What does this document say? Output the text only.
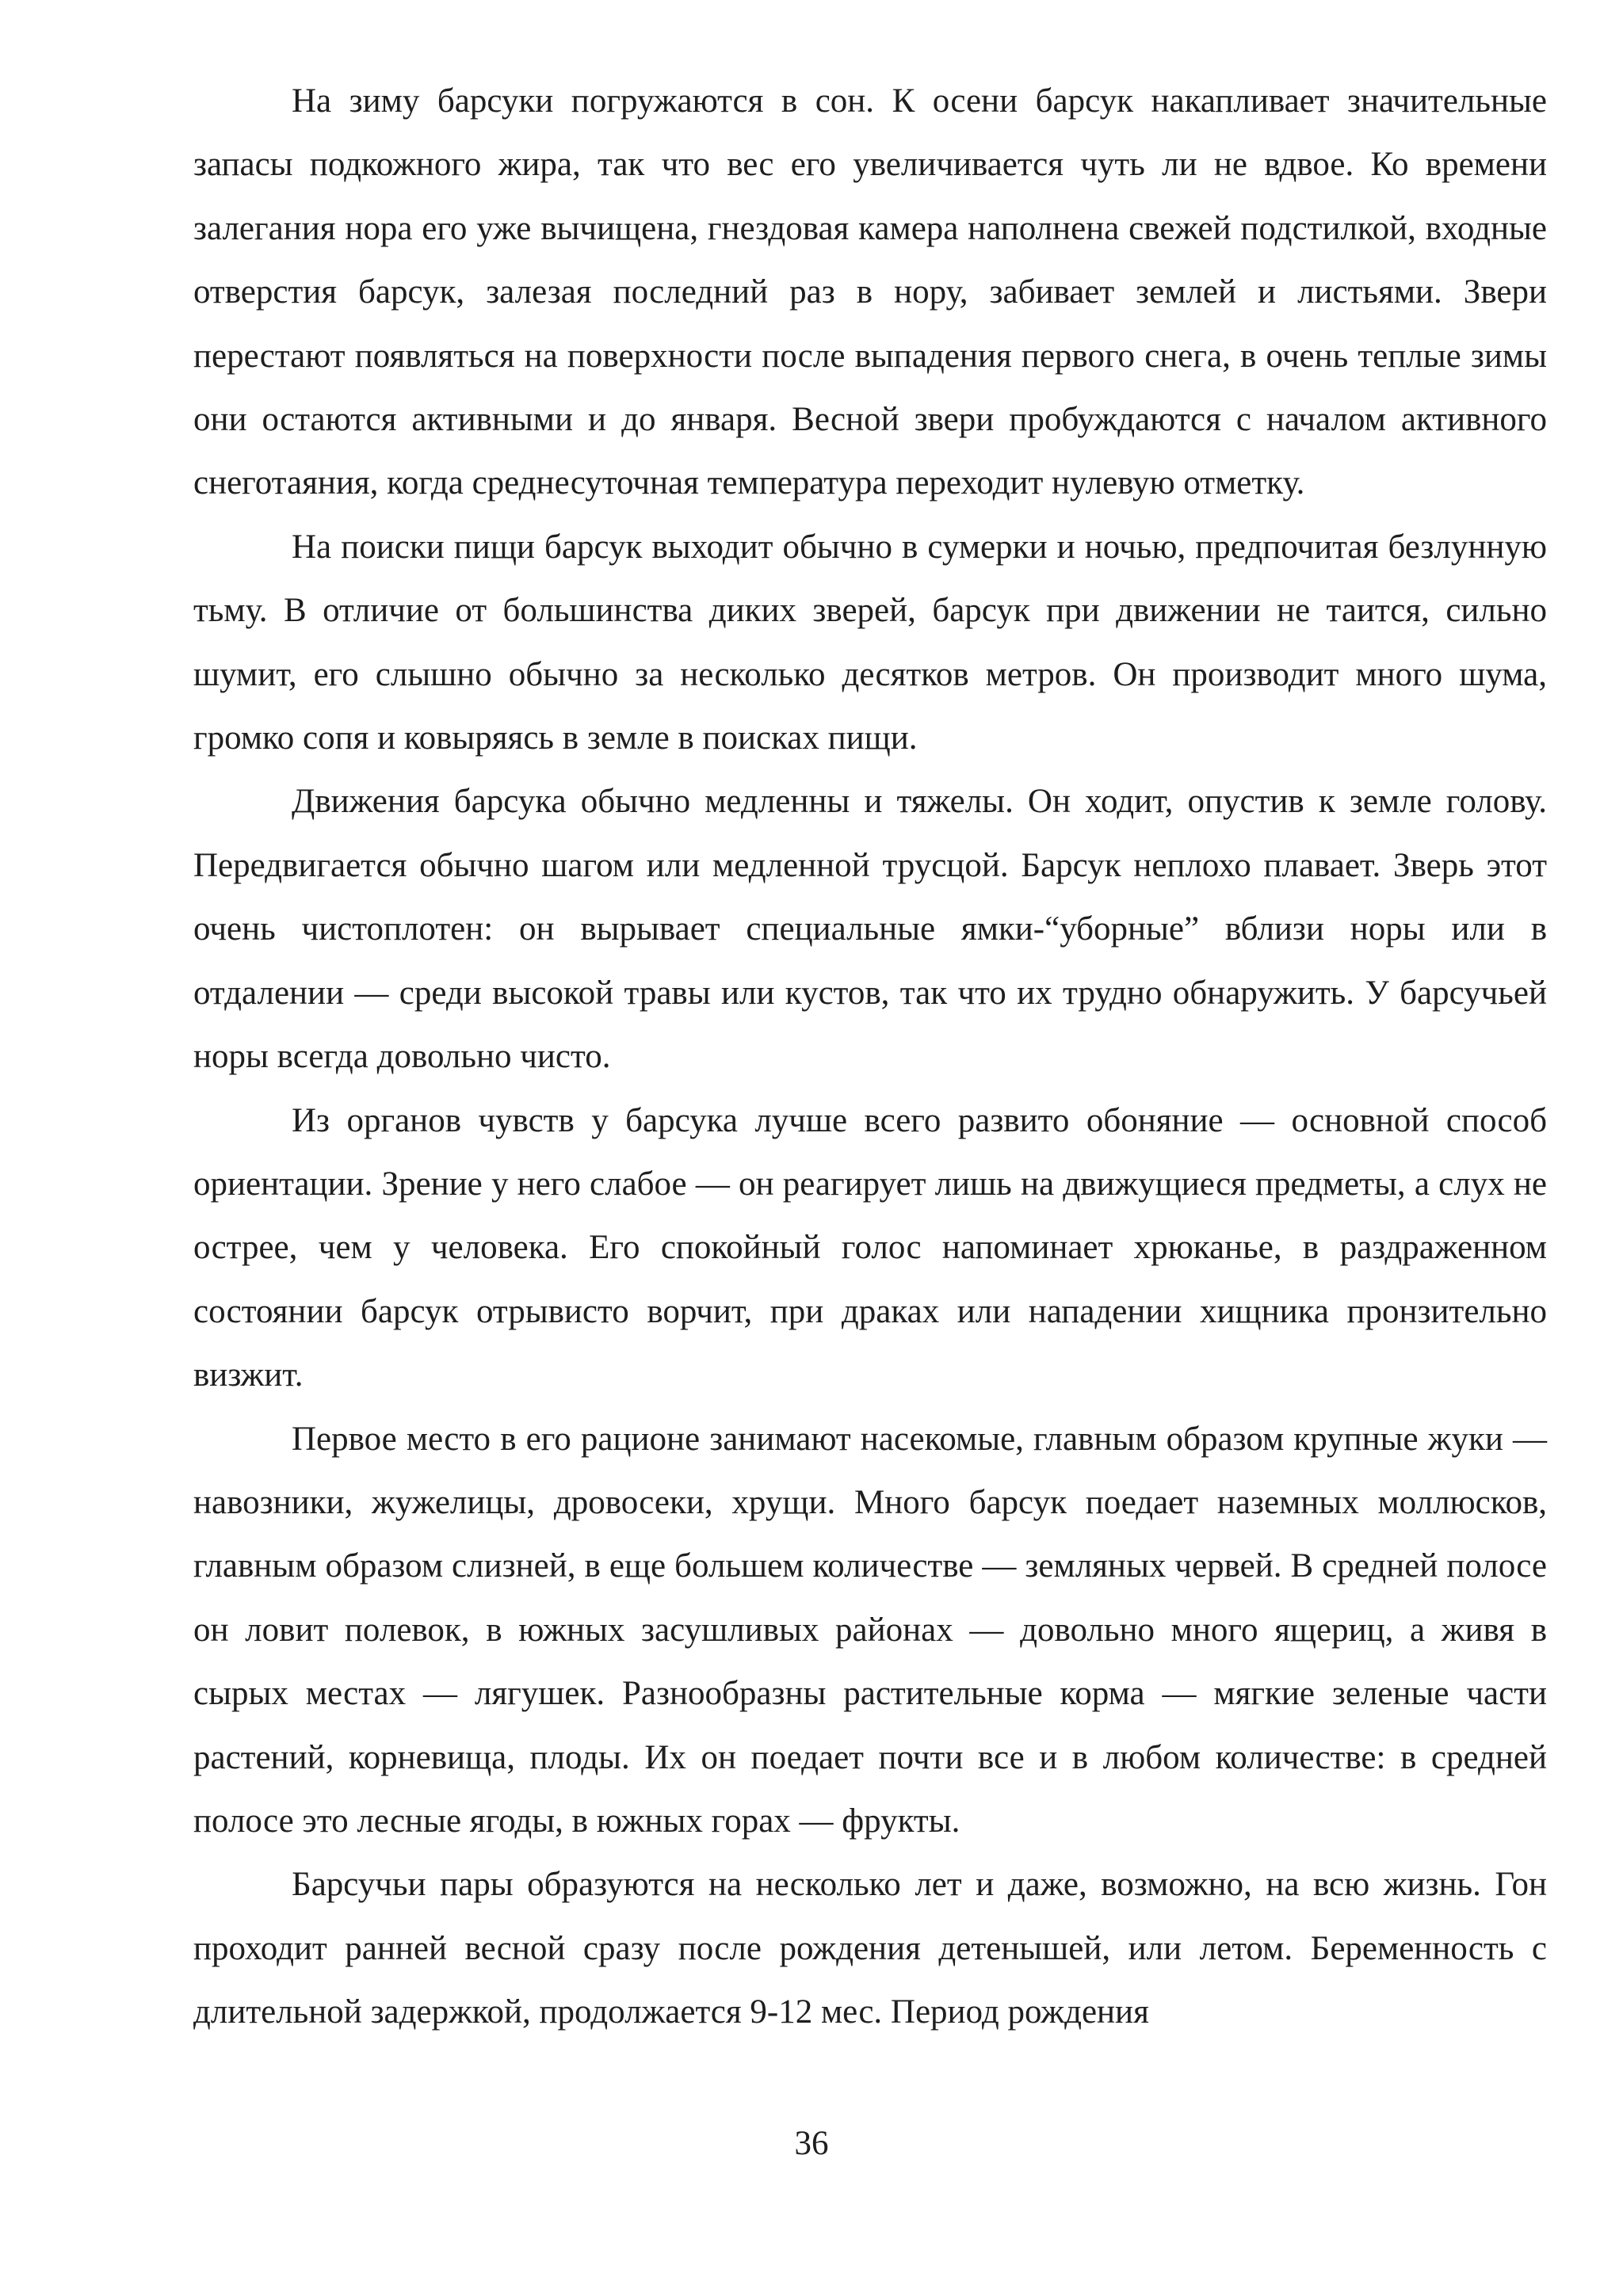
На зиму барсуки погружаются в сон. К осени барсук накапливает значительные запасы подкожного жира, так что вес его увеличивается чуть ли не вдвое. Ко времени залегания нора его уже вычищена, гнездовая камера наполнена свежей подстилкой, входные отверстия барсук, залезая последний раз в нору, забивает землей и листьями. Звери перестают появляться на поверхности после выпадения первого снега, в очень теплые зимы они остаются активными и до января. Весной звери пробуждаются с началом активного снеготаяния, когда среднесуточная температура переходит нулевую отметку.

На поиски пищи барсук выходит обычно в сумерки и ночью, предпочитая безлунную тьму. В отличие от большинства диких зверей, барсук при движении не таится, сильно шумит, его слышно обычно за несколько десятков метров. Он производит много шума, громко сопя и ковыряясь в земле в поисках пищи.

Движения барсука обычно медленны и тяжелы. Он ходит, опустив к земле голову. Передвигается обычно шагом или медленной трусцой. Барсук неплохо плавает. Зверь этот очень чистоплотен: он вырывает специальные ямки-“уборные” вблизи норы или в отдалении — среди высокой травы или кустов, так что их трудно обнаружить. У барсучьей норы всегда довольно чисто.

Из органов чувств у барсука лучше всего развито обоняние — основной способ ориентации. Зрение у него слабое — он реагирует лишь на движущиеся предметы, а слух не острее, чем у человека. Его спокойный голос напоминает хрюканье, в раздраженном состоянии барсук отрывисто ворчит, при драках или нападении хищника пронзительно визжит.

Первое место в его рационе занимают насекомые, главным образом крупные жуки — навозники, жужелицы, дровосеки, хрущи. Много барсук поедает наземных моллюсков, главным образом слизней, в еще большем количестве — земляных червей. В средней полосе он ловит полевок, в южных засушливых районах — довольно много ящериц, а живя в сырых местах — лягушек. Разнообразны растительные корма — мягкие зеленые части растений, корневища, плоды. Их он поедает почти все и в любом количестве: в средней полосе это лесные ягоды, в южных горах — фрукты.

Барсучьи пары образуются на несколько лет и даже, возможно, на всю жизнь. Гон проходит ранней весной сразу после рождения детенышей, или летом. Беременность с длительной задержкой, продолжается 9-12 мес. Период рождения

36
